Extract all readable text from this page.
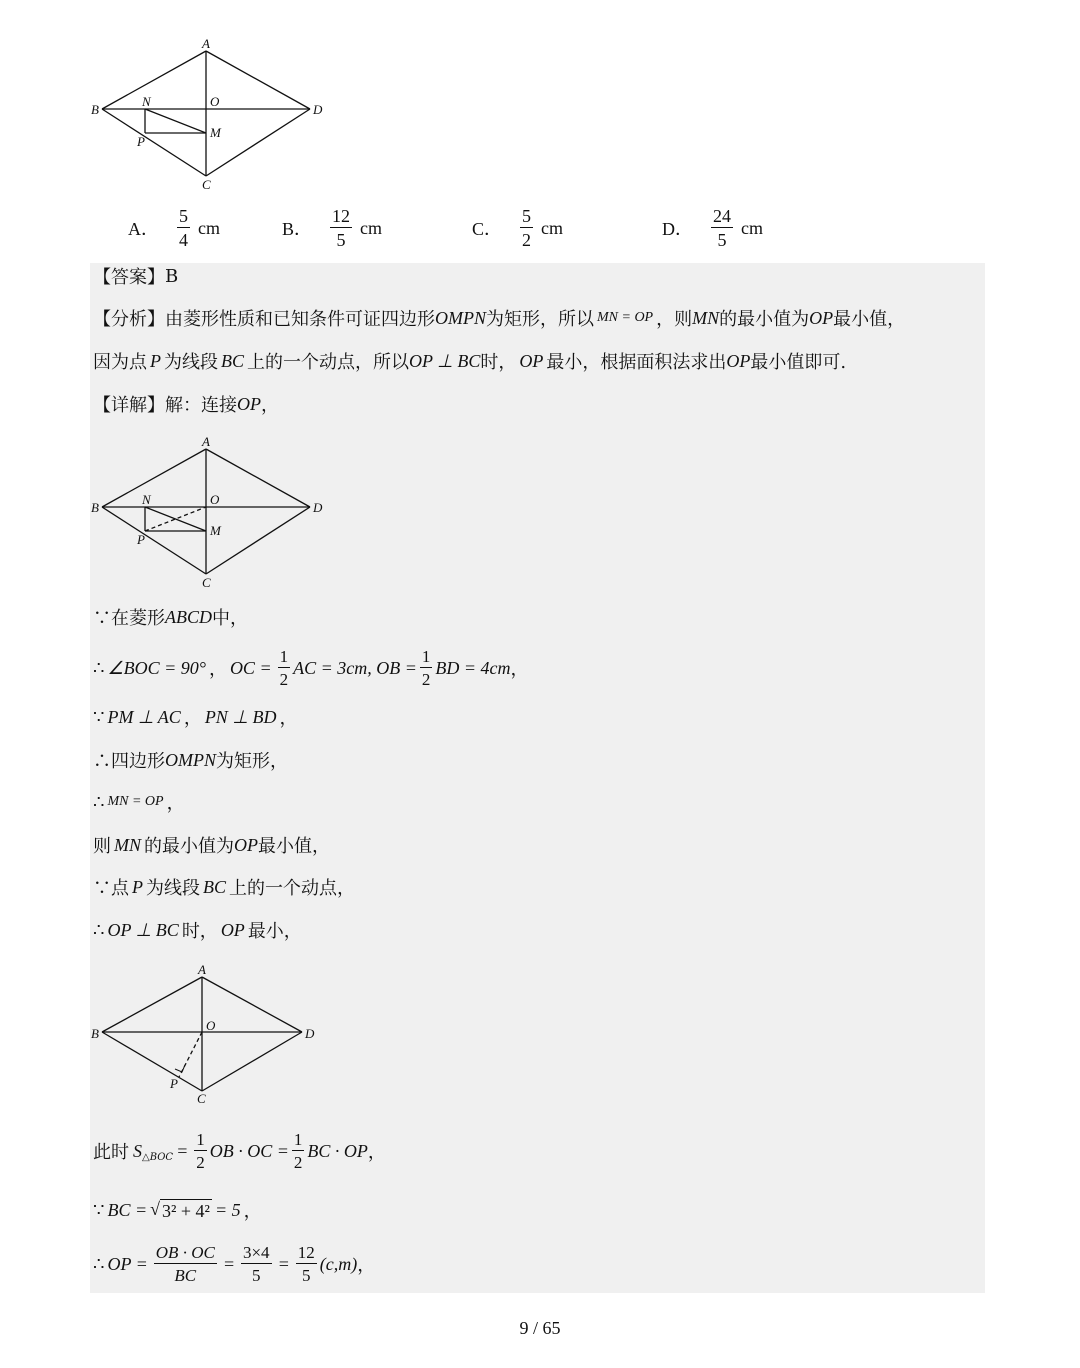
A
B
C
D
N	O
M
P
A． $\frac{5}{4}$ cm	B． $\frac{12}{5}$ cm	C． $\frac{5}{2}$ cm	D． $\frac{24}{5}$ cm
【答案】 B
【分析】 由菱形性质和已知条件可证四边形 OMPN 为矩形，所以 MN = OP ，则 MN 的最小值为 OP 最小值，
因为点 P 为线段 BC 上的一个动点，所以 OP ⊥ BC 时， OP 最小，根据面积法求出 OP 最小值即可.
【详解】 解：连接 OP ，
A
B
C
D
N	O
M
P
∵在菱形 ABCD 中，
∴ ∠BOC = 90° ， OC = $\frac{1}{2}$ AC = 3cm, OB = $\frac{1}{2}$ BD = 4cm ，
∵ PM ⊥ AC ， PN ⊥ BD ，
∴四边形 OMPN 为矩形，
∴ MN = OP ，
则 MN 的最小值为 OP 最小值，
∵点 P 为线段 BC 上的一个动点，
∴ OP ⊥ BC 时， OP 最小，
A
B
C
D
O
P
此时 S △BOC = $\frac{1}{2}$ OB · OC = $\frac{1}{2}$ BC · OP ，
∵ BC = √ 3² + 4² = 5 ，
∴ OP = $\frac{OB \cdot OC}{BC} = \frac{3\times 4}{5} = \frac{12}{5} (c,m)$ ，
9 / 65
